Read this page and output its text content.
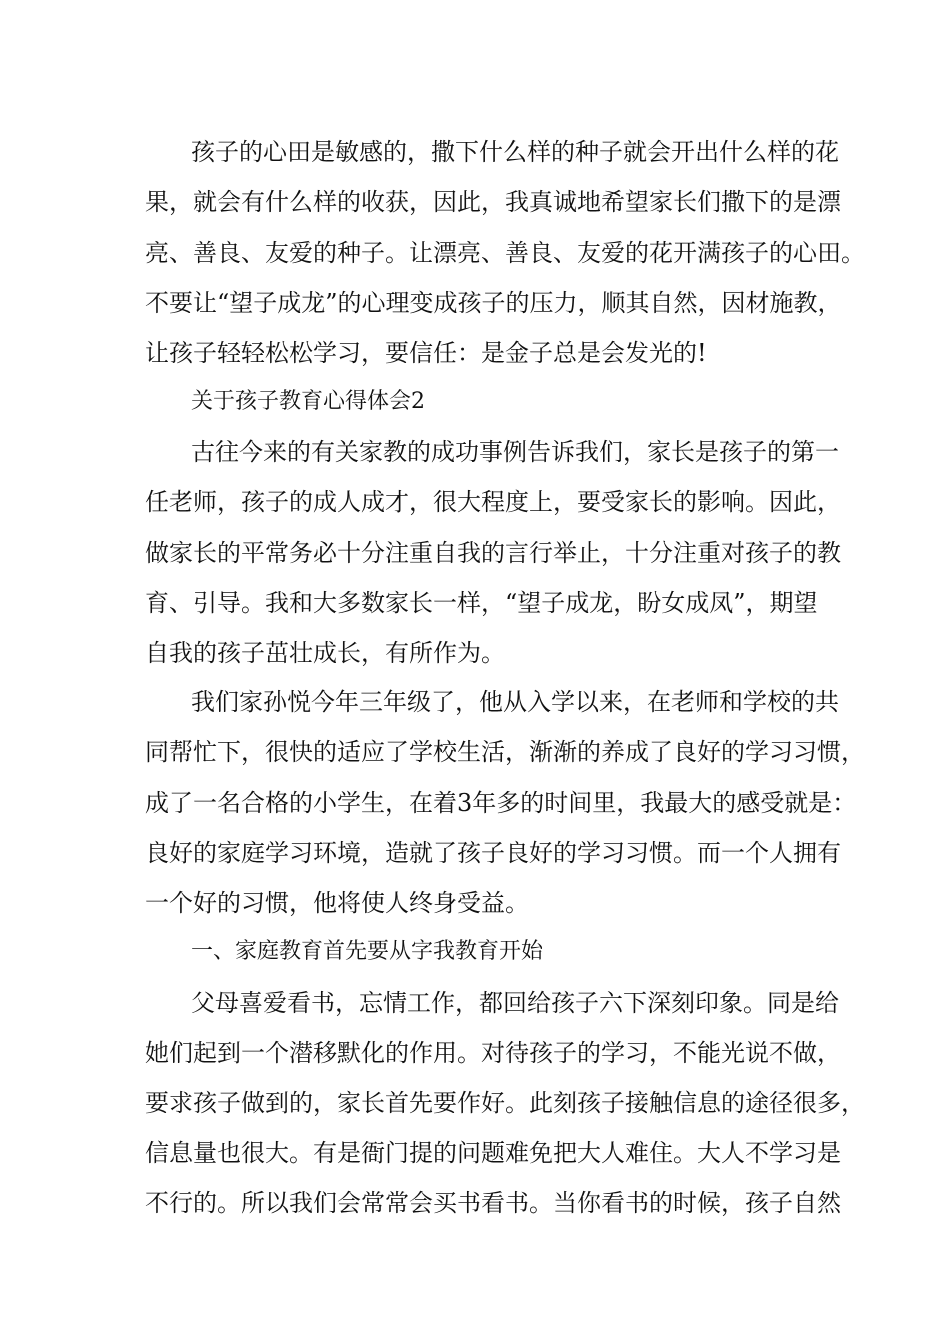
孩子的心田是敏感的，撒下什么样的种子就会开出什么样的花

果，就会有什么样的收获，因此，我真诚地希望家长们撒下的是漂

亮、善良、友爱的种子。让漂亮、善良、友爱的花开满孩子的心田。

不要让“望子成龙”的心理变成孩子的压力，顺其自然，因材施教，

让孩子轻轻松松学习，要信任：是金子总是会发光的!

关于孩子教育心得体会2

古往今来的有关家教的成功事例告诉我们，家长是孩子的第一

任老师，孩子的成人成才，很大程度上，要受家长的影响。因此，

做家长的平常务必十分注重自我的言行举止，十分注重对孩子的教

育、引导。我和大多数家长一样，“望子成龙，盼女成凤”，期望

自我的孩子茁壮成长，有所作为。

我们家孙悦今年三年级了，他从入学以来，在老师和学校的共

同帮忙下，很快的适应了学校生活，渐渐的养成了良好的学习习惯，

成了一名合格的小学生，在着3年多的时间里，我最大的感受就是：

良好的家庭学习环境，造就了孩子良好的学习习惯。而一个人拥有

一个好的习惯，他将使人终身受益。

一、家庭教育首先要从字我教育开始

父母喜爱看书，忘情工作，都回给孩子六下深刻印象。同是给

她们起到一个潜移默化的作用。对待孩子的学习，不能光说不做，

要求孩子做到的，家长首先要作好。此刻孩子接触信息的途径很多，

信息量也很大。有是衙门提的问题难免把大人难住。大人不学习是

不行的。所以我们会常常会买书看书。当你看书的时候，孩子自然
